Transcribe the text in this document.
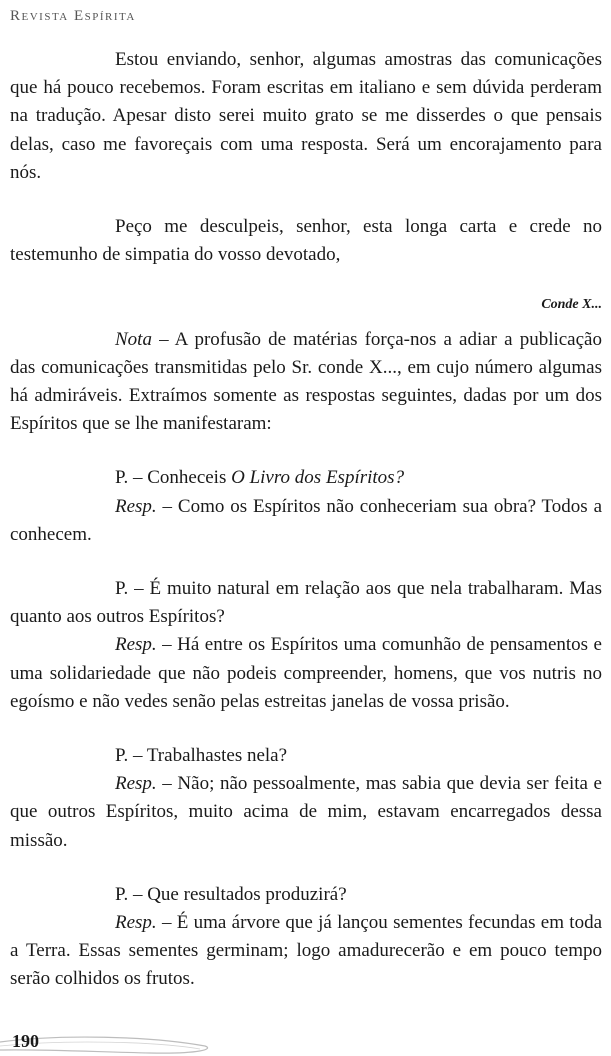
Revista Espírita

Estou enviando, senhor, algumas amostras das comunicações que há pouco recebemos. Foram escritas em italiano e sem dúvida perderam na tradução. Apesar disto serei muito grato se me disserdes o que pensais delas, caso me favoreçais com uma resposta. Será um encorajamento para nós.

Peço me desculpeis, senhor, esta longa carta e crede no testemunho de simpatia do vosso devotado,

Conde X...

Nota – A profusão de matérias força-nos a adiar a publicação das comunicações transmitidas pelo Sr. conde X..., em cujo número algumas há admiráveis. Extraímos somente as respostas seguintes, dadas por um dos Espíritos que se lhe manifestaram:

P. – Conheceis O Livro dos Espíritos?

Resp. – Como os Espíritos não conheceriam sua obra? Todos a conhecem.

P. – É muito natural em relação aos que nela trabalharam. Mas quanto aos outros Espíritos?

Resp. – Há entre os Espíritos uma comunhão de pensamentos e uma solidariedade que não podeis compreender, homens, que vos nutris no egoísmo e não vedes senão pelas estreitas janelas de vossa prisão.

P. – Trabalhastes nela?

Resp. – Não; não pessoalmente, mas sabia que devia ser feita e que outros Espíritos, muito acima de mim, estavam encarregados dessa missão.

P. – Que resultados produzirá?

Resp. – É uma árvore que já lançou sementes fecundas em toda a Terra. Essas sementes germinam; logo amadurecerão e em pouco tempo serão colhidos os frutos.

190
